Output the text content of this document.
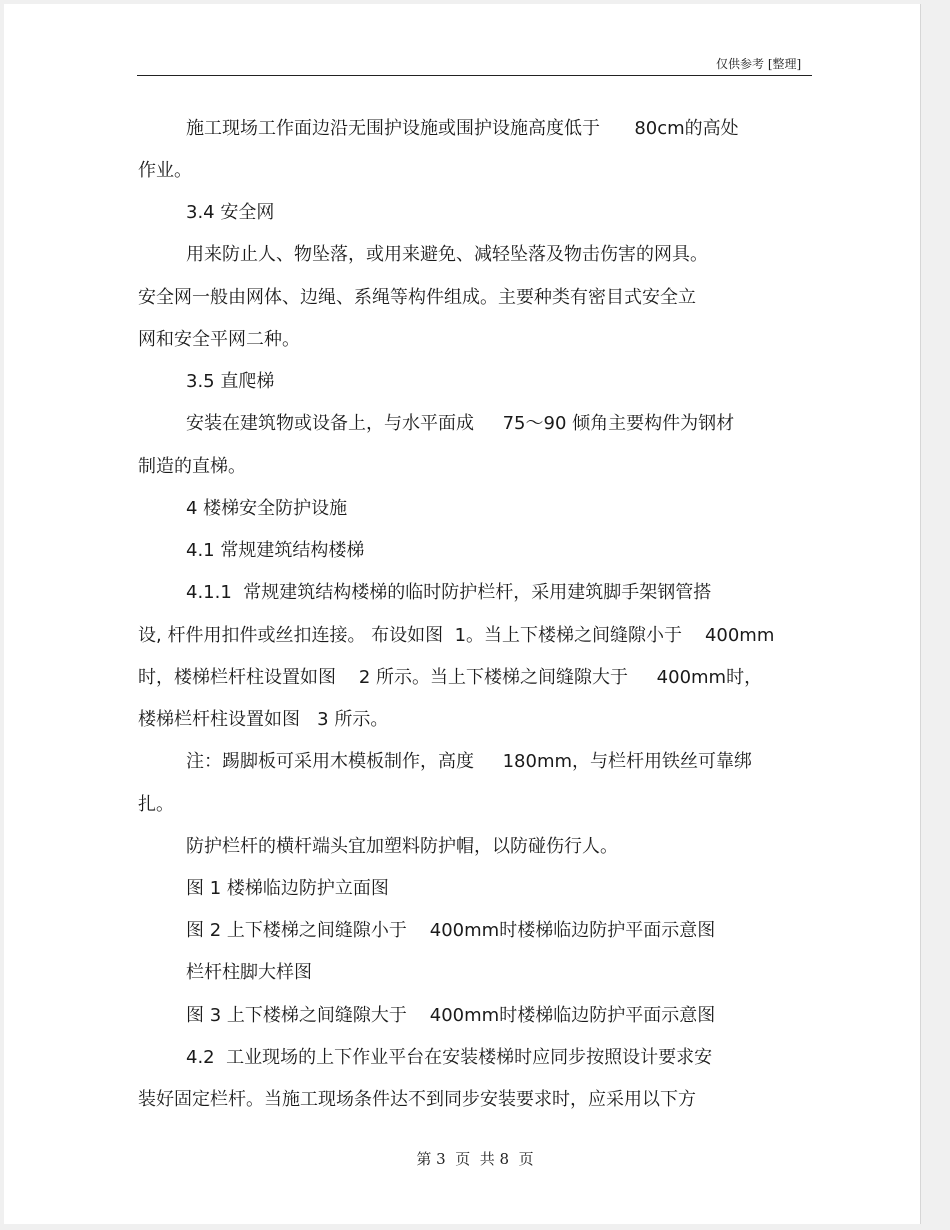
仅供参考 [整理]
施工现场工作面边沿无围护设施或围护设施高度低于      80cm的高处
作业。
3.4 安全网
用来防止人、物坠落，或用来避免、减轻坠落及物击伤害的网具。
安全网一般由网体、边绳、系绳等构件组成。主要种类有密目式安全立
网和安全平网二种。
3.5 直爬梯
安装在建筑物或设备上，与水平面成     75～90 倾角主要构件为钢材
制造的直梯。
4 楼梯安全防护设施
4.1 常规建筑结构楼梯
4.1.1  常规建筑结构楼梯的临时防护栏杆，采用建筑脚手架钢管搭
设, 杆件用扣件或丝扣连接。 布设如图  1。当上下楼梯之间缝隙小于    400mm
时，楼梯栏杆柱设置如图    2 所示。当上下楼梯之间缝隙大于     400mm时，
楼梯栏杆柱设置如图   3 所示。
注：踢脚板可采用木模板制作，高度     180mm，与栏杆用铁丝可靠绑
扎。
防护栏杆的横杆端头宜加塑料防护帽，以防碰伤行人。
图 1 楼梯临边防护立面图
图 2 上下楼梯之间缝隙小于    400mm时楼梯临边防护平面示意图
栏杆柱脚大样图
图 3 上下楼梯之间缝隙大于    400mm时楼梯临边防护平面示意图
4.2  工业现场的上下作业平台在安装楼梯时应同步按照设计要求安
装好固定栏杆。当施工现场条件达不到同步安装要求时，应采用以下方
第 3  页  共 8  页
